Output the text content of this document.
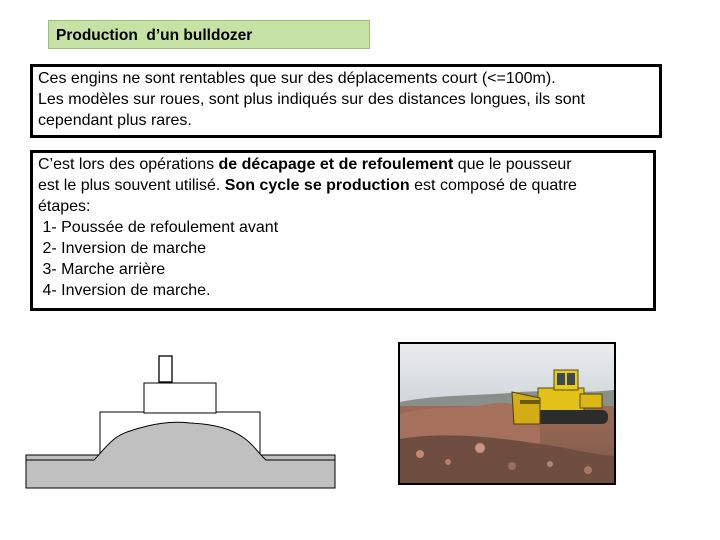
Production  d’un bulldozer
Ces engins ne sont rentables que sur des déplacements court (<=100m).
Les modèles sur roues, sont plus indiqués sur des distances longues, ils sont
cependant plus rares.
C’est lors des opérations de décapage et de refoulement que le pousseur
est le plus souvent utilisé. Son cycle se production est composé de quatre
étapes:
1- Poussée de refoulement avant
2- Inversion de marche
3- Marche arrière
4- Inversion de marche.
